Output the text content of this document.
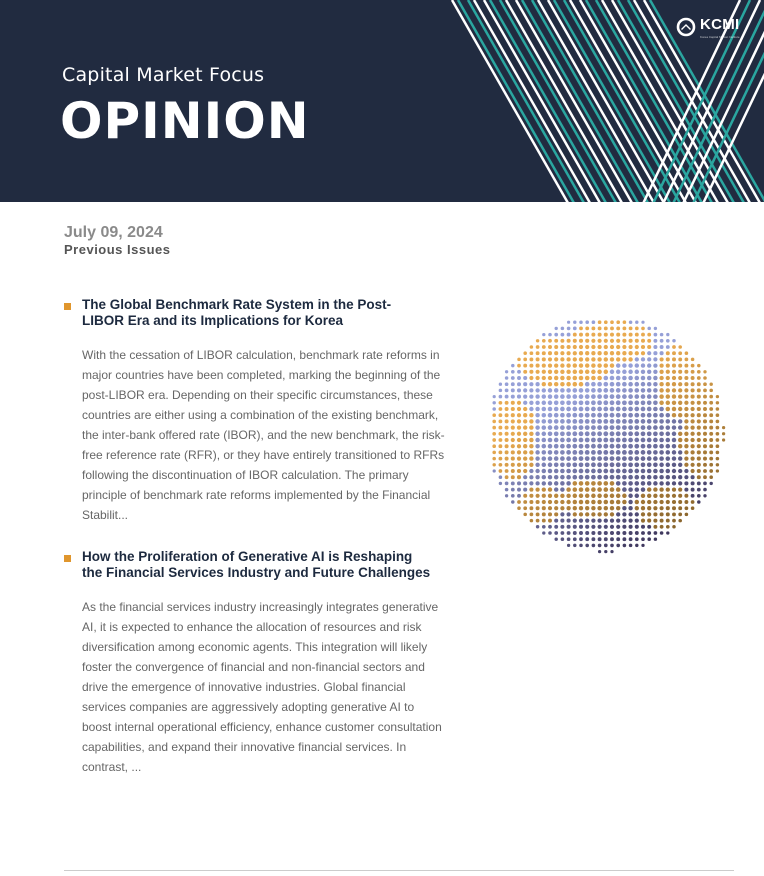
Capital Market Focus
OPINION
KCMI
Korea Capital Market Institute
July 09, 2024
Previous Issues
The Global Benchmark Rate System in the Post-
LIBOR Era and its Implications for Korea

With the cessation of LIBOR calculation, benchmark rate reforms in major countries have been completed, marking the beginning of the post-LIBOR era. Depending on their specific circumstances, these countries are either using a combination of the existing benchmark, the inter-bank offered rate (IBOR), and the new benchmark, the risk-free reference rate (RFR), or they have entirely transitioned to RFRs following the discontinuation of IBOR calculation. The primary principle of benchmark rate reforms implemented by the Financial Stabilit...

How the Proliferation of Generative AI is Reshaping
the Financial Services Industry and Future Challenges

As the financial services industry increasingly integrates generative AI, it is expected to enhance the allocation of resources and risk diversification among economic agents. This integration will likely foster the convergence of financial and non-financial sectors and drive the emergence of innovative industries. Global financial services companies are aggressively adopting generative AI to boost internal operational efficiency, enhance customer consultation capabilities, and expand their innovative financial services. In contrast, ...
